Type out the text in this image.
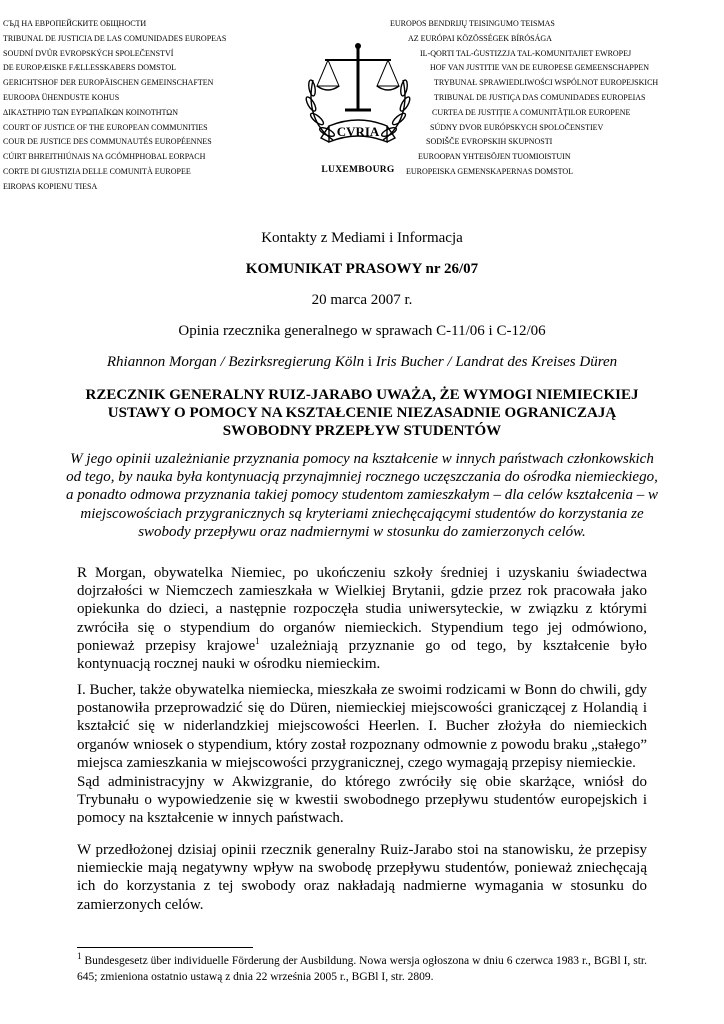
СЪД НА ЕВРОПЕЙСКИТЕ ОБЩНОСТИ
TRIBUNAL DE JUSTICIA DE LAS COMUNIDADES EUROPEAS
SOUDNÍ DVŮR EVROPSKÝCH SPOLEČENSTVÍ
DE EUROPÆISKE FÆLLESSKABERS DOMSTOL
GERICHTSHOF DER EUROPÄISCHEN GEMEINSCHAFTEN
EUROOPA ÜHENDUSTE KOHUS
ΔΙΚΑΣΤΗΡΙΟ ΤΩΝ ΕΥΡΩΠΑΪΚΩΝ ΚΟΙΝΟΤΗΤΩΝ
COURT OF JUSTICE OF THE EUROPEAN COMMUNITIES
COUR DE JUSTICE DES COMMUNAUTÉS EUROPÉENNES
CÚIRT BHREITHIÚNAIS NA GCÓMHPHOBAL EORPACH
CORTE DI GIUSTIZIA DELLE COMUNITÀ EUROPEE
EIROPAS KOPIENU TIESA
CVRIA
LUXEMBOURG
EUROPOS BENDRIJŲ TEISINGUMO TEISMAS
AZ EURÓPAI KÖZÖSSÉGEK BÍRÓSÁGA
IL-QORTI TAL-ĠUSTIZZJA TAL-KOMUNITAJIET EWROPEJ
HOF VAN JUSTITIE VAN DE EUROPESE GEMEENSCHAPPEN
TRYBUNAŁ SPRAWIEDLIWOŚCI WSPÓLNOT EUROPEJSKICH
TRIBUNAL DE JUSTIÇA DAS COMUNIDADES EUROPEIAS
CURTEA DE JUSTIȚIE A COMUNITĂȚILOR EUROPENE
SÚDNY DVOR EURÓPSKYCH SPOLOČENSTIEV
SODIŠČE EVROPSKIH SKUPNOSTI
EUROOPAN YHTEISÖJEN TUOMIOISTUIN
EUROPEISKA GEMENSKAPERNAS DOMSTOL
Kontakty z Mediami i Informacja
KOMUNIKAT PRASOWY nr 26/07
20 marca 2007 r.
Opinia rzecznika generalnego w sprawach C-11/06 i C-12/06
Rhiannon Morgan / Bezirksregierung Köln i Iris Bucher / Landrat des Kreises Düren
RZECZNIK GENERALNY RUIZ-JARABO UWAŻA, ŻE WYMOGI NIEMIECKIEJ
USTAWY O POMOCY NA KSZTAŁCENIE NIEZASADNIE OGRANICZAJĄ
SWOBODNY PRZEPŁYW STUDENTÓW
W jego opinii uzależnianie przyznania pomocy na kształcenie w innych państwach członkowskich od tego, by nauka była kontynuacją przynajmniej rocznego uczęszczania do ośrodka niemieckiego, a ponadto odmowa przyznania takiej pomocy studentom zamieszkałym – dla celów kształcenia – w miejscowościach przygranicznych są kryteriami zniechęcającymi studentów do korzystania ze swobody przepływu oraz nadmiernymi w stosunku do zamierzonych celów.
R Morgan, obywatelka Niemiec, po ukończeniu szkoły średniej i uzyskaniu świadectwa dojrzałości w Niemczech zamieszkała w Wielkiej Brytanii, gdzie przez rok pracowała jako opiekunka do dzieci, a następnie rozpoczęła studia uniwersyteckie, w związku z którymi zwróciła się o stypendium do organów niemieckich. Stypendium tego jej odmówiono, ponieważ przepisy krajowe$^1$ uzależniają przyznanie go od tego, by kształcenie było kontynuacją rocznej nauki w ośrodku niemieckim.
I. Bucher, także obywatelka niemiecka, mieszkała ze swoimi rodzicami w Bonn do chwili, gdy postanowiła przeprowadzić się do Düren, niemieckiej miejscowości graniczącej z Holandią i kształcić się w niderlandzkiej miejscowości Heerlen. I. Bucher złożyła do niemieckich organów wniosek o stypendium, który został rozpoznany odmownie z powodu braku „stałego” miejsca zamieszkania w miejscowości przygranicznej, czego wymagają przepisy niemieckie.
Sąd administracyjny w Akwizgranie, do którego zwróciły się obie skarżące, wniósł do Trybunału o wypowiedzenie się w kwestii swobodnego przepływu studentów europejskich i pomocy na kształcenie w innych państwach.
W przedłożonej dzisiaj opinii rzecznik generalny Ruiz-Jarabo stoi na stanowisku, że przepisy niemieckie mają negatywny wpływ na swobodę przepływu studentów, ponieważ zniechęcają ich do korzystania z tej swobody oraz nakładają nadmierne wymagania w stosunku do zamierzonych celów.
$^1$ Bundesgesetz über individuelle Förderung der Ausbildung. Nowa wersja ogłoszona w dniu 6 czerwca 1983 r., BGBl I, str. 645; zmieniona ostatnio ustawą z dnia 22 września 2005 r., BGBl I, str. 2809.
